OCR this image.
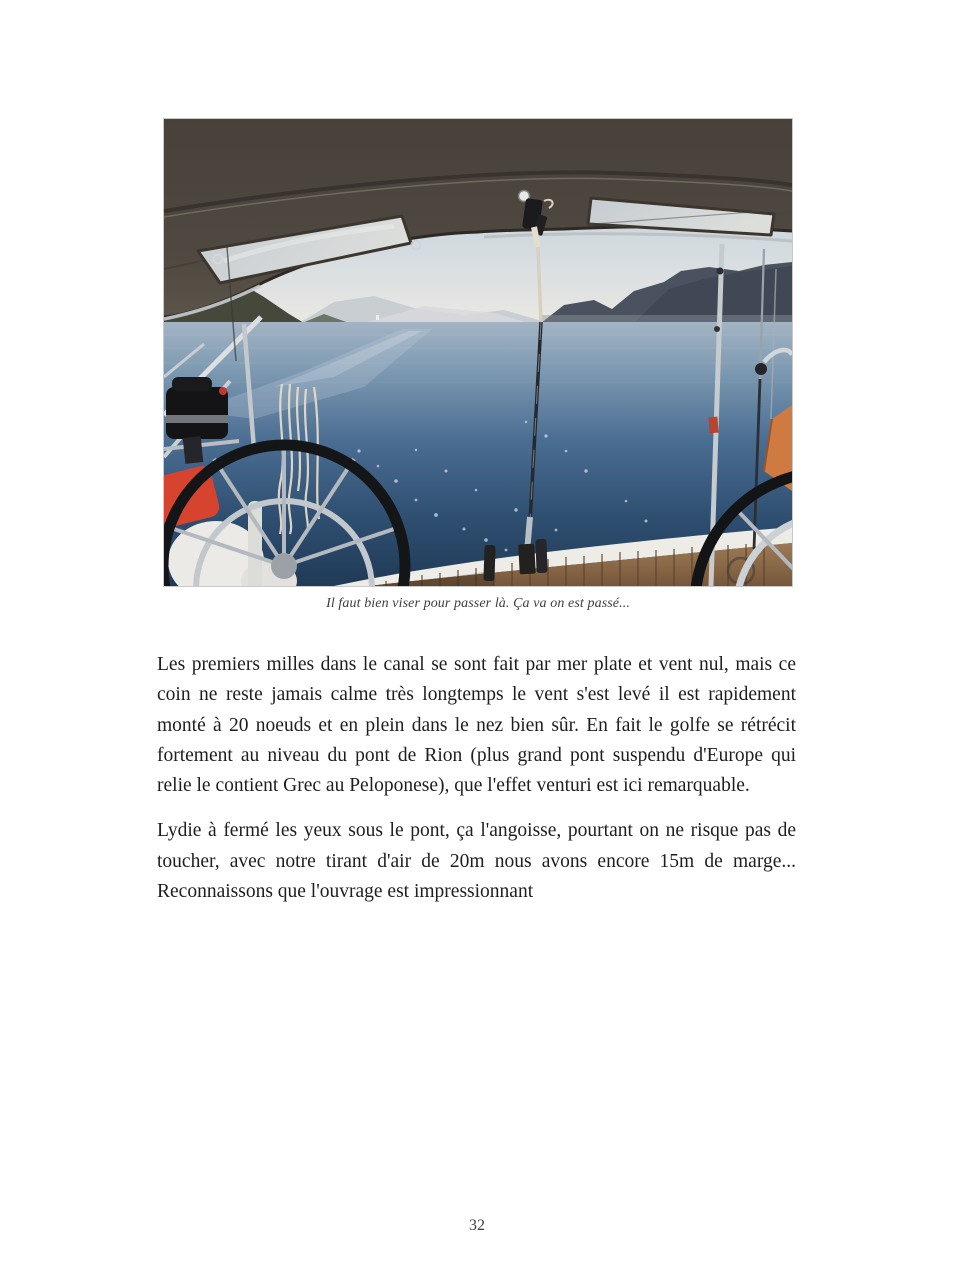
Il faut bien viser pour passer là. Ça va on est passé...

Les premiers milles dans le canal se sont fait par mer plate et vent nul, mais ce coin ne reste jamais calme très longtemps le vent s'est levé il est rapidement monté à 20 noeuds et en plein dans le nez bien sûr. En fait le golfe se rétrécit fortement au niveau du pont de Rion (plus grand pont suspendu d'Europe qui relie le contient Grec au Peloponese), que l'effet venturi est ici remarquable.

Lydie à fermé les yeux sous le pont, ça l'angoisse, pourtant on ne risque pas de toucher, avec notre tirant d'air de 20m nous avons encore 15m de marge... Reconnaissons que l'ouvrage est impressionnant

32
